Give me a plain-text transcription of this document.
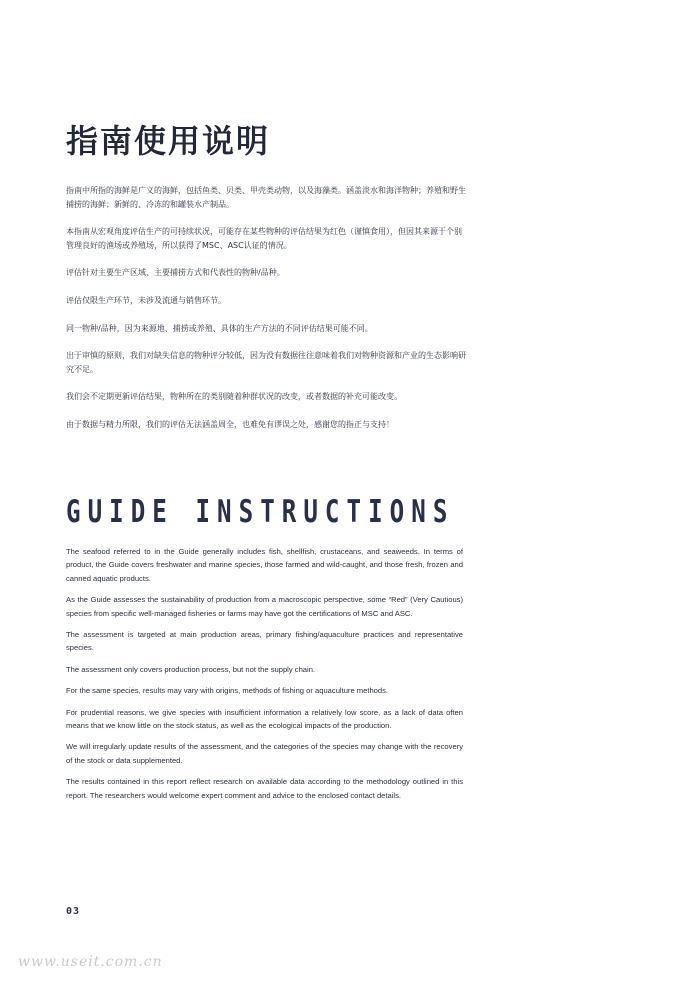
指南使用说明

指南中所指的海鲜是广义的海鲜，包括鱼类、贝类、甲壳类动物，以及海藻类。涵盖淡水和海洋物种；养殖和野生捕捞的海鲜；新鲜的、冷冻的和罐装水产制品。

本指南从宏观角度评估生产的可持续状况，可能存在某些物种的评估结果为红色（谨慎食用），但因其来源于个别管理良好的渔场或养殖场，所以获得了MSC、ASC认证的情况。

评估针对主要生产区域、主要捕捞方式和代表性的物种/品种。

评估仅限生产环节，未涉及流通与销售环节。

同一物种/品种，因为来源地、捕捞或养殖、具体的生产方法的不同评估结果可能不同。

出于审慎的原则，我们对缺失信息的物种评分较低，因为没有数据往往意味着我们对物种资源和产业的生态影响研究不足。

我们会不定期更新评估结果，物种所在的类别随着种群状况的改变，或者数据的补充可能改变。

由于数据与精力所限，我们的评估无法涵盖周全，也难免有谬误之处，感谢您的指正与支持！

GUIDE INSTRUCTIONS

The seafood referred to in the Guide generally includes fish, shellfish, crustaceans, and seaweeds. In terms of product, the Guide covers freshwater and marine species, those farmed and wild-caught, and those fresh, frozen and canned aquatic products.

As the Guide assesses the sustainability of production from a macroscopic perspective, some “Red” (Very Cautious) species from specific well-managed fisheries or farms may have got the certifications of MSC and ASC.

The assessment is targeted at main production areas, primary fishing/aquaculture practices and representative species.

The assessment only covers production process, but not the supply chain.

For the same species, results may vary with origins, methods of fishing or aquaculture methods.

For prudential reasons, we give species with insufficient information a relatively low score, as a lack of data often means that we know little on the stock status, as well as the ecological impacts of the production.

We will irregularly update results of the assessment, and the categories of the species may change with the recovery of the stock or data supplemented.

The results contained in this report reflect research on available data according to the methodology outlined in this report. The researchers would welcome expert comment and advice to the enclosed contact details.

03
www.useit.com.cn
